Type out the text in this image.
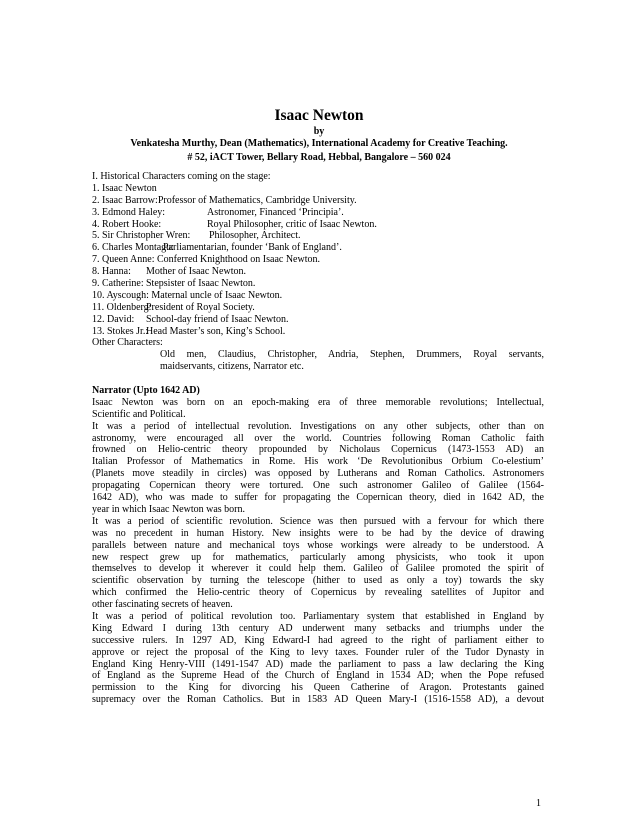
Isaac Newton
by
Venkatesha Murthy, Dean (Mathematics), International Academy for Creative Teaching.
# 52, iACT Tower, Bellary Road, Hebbal, Bangalore – 560 024
I. Historical Characters coming on the stage:
1. Isaac Newton
2. Isaac Barrow:Professor of Mathematics, Cambridge University.
3. Edmond Haley:	Astronomer, Financed ‘Principia’.
4. Robert Hooke:	Royal Philosopher, critic of Isaac Newton.
5. Sir Christopher Wren: Philosopher, Architect.
6. Charles Montagu:Parliamentarian, founder ‘Bank of England’.
7. Queen Anne: Conferred Knighthood on Isaac Newton.
8. Hanna: Mother of Isaac Newton.
9. Catherine: Stepsister of Isaac Newton.
10. Ayscough: Maternal uncle of Isaac Newton.
11. Oldenberg:President of Royal Society.
12. David: School-day friend of Isaac Newton.
13. Stokes Jr.:Head Master’s son, King’s School.
Other Characters:
Old men, Claudius, Christopher, Andria, Stephen, Drummers, Royal servants,
maidservants, citizens, Narrator etc.
Narrator (Upto 1642 AD)
Isaac Newton was born on an epoch-making era of three memorable revolutions; Intellectual,
Scientific and Political.
It was a period of intellectual revolution. Investigations on any other subjects, other than on
astronomy, were encouraged all over the world. Countries following Roman Catholic faith
frowned on Helio-centric theory propounded by Nicholaus Copernicus (1473-1553 AD) an
Italian Professor of Mathematics in Rome. His work ‘De Revolutionibus Orbium Co-elestium’
(Planets move steadily in circles) was opposed by Lutherans and Roman Catholics. Astronomers
propagating Copernican theory were tortured. One such astronomer Galileo of Galilee (1564-
1642 AD), who was made to suffer for propagating the Copernican theory, died in 1642 AD, the
year in which Isaac Newton was born.
It was a period of scientific revolution. Science was then pursued with a fervour for which there
was no precedent in human History. New insights were to be had by the device of drawing
parallels between nature and mechanical toys whose workings were already to be understood. A
new respect grew up for mathematics, particularly among physicists, who took it upon
themselves to develop it wherever it could help them. Galileo of Galilee promoted the spirit of
scientific observation by turning the telescope (hither to used as only a toy) towards the sky
which confirmed the Helio-centric theory of Copernicus by revealing satellites of Jupitor and
other fascinating secrets of heaven.
It was a period of political revolution too. Parliamentary system that established in England by
King Edward I during 13th century AD underwent many setbacks and triumphs under the
successive rulers. In 1297 AD, King Edward-I had agreed to the right of parliament either to
approve or reject the proposal of the King to levy taxes. Founder ruler of the Tudor Dynasty in
England King Henry-VIII (1491-1547 AD) made the parliament to pass a law declaring the King
of England as the Supreme Head of the Church of England in 1534 AD; when the Pope refused
permission to the King for divorcing his Queen Catherine of Aragon. Protestants gained
supremacy over the Roman Catholics. But in 1583 AD Queen Mary-I (1516-1558 AD), a devout
1
